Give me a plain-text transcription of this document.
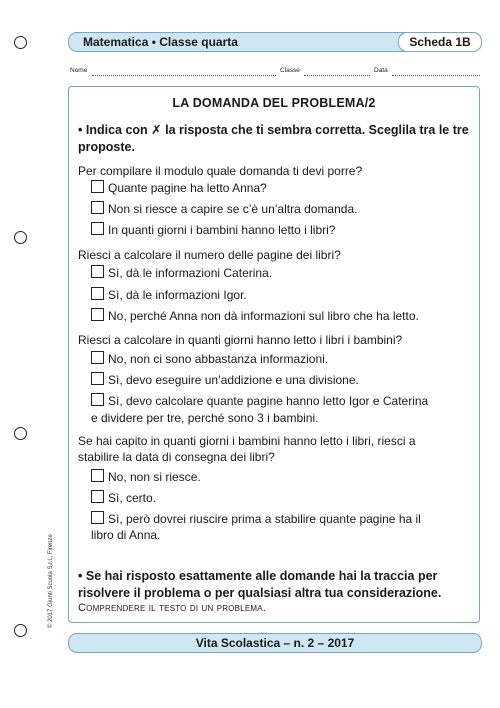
Matematica • Classe quarta	Scheda 1B
Nome	Classe	Data
LA DOMANDA DEL PROBLEMA/2
• Indica con ✗ la risposta che ti sembra corretta. Sceglila tra le tre proposte.
Per compilare il modulo quale domanda ti devi porre?
Quante pagine ha letto Anna?
Non si riesce a capire se c’è un’altra domanda.
In quanti giorni i bambini hanno letto i libri?
Riesci a calcolare il numero delle pagine dei libri?
Sì, dà le informazioni Caterina.
Sì, dà le informazioni Igor.
No, perché Anna non dà informazioni sul libro che ha letto.
Riesci a calcolare in quanti giorni hanno letto i libri i bambini?
No, non ci sono abbastanza informazioni.
Sì, devo eseguire un’addizione e una divisione.
Sì, devo calcolare quante pagine hanno letto Igor e Caterina
e dividere per tre, perché sono 3 i bambini.
Se hai capito in quanti giorni i bambini hanno letto i libri, riesci a
stabilire la data di consegna dei libri?
No, non si riesce.
Sì, certo.
Sì, però dovrei riuscire prima a stabilire quante pagine ha il
libro di Anna.
• Se hai risposto esattamente alle domande hai la traccia per risolvere il problema o per qualsiasi altra tua considerazione.
Comprendere il testo di un problema.
© 2017 Giunti Scuola S.r.l., Firenze
Vita Scolastica – n. 2 – 2017
